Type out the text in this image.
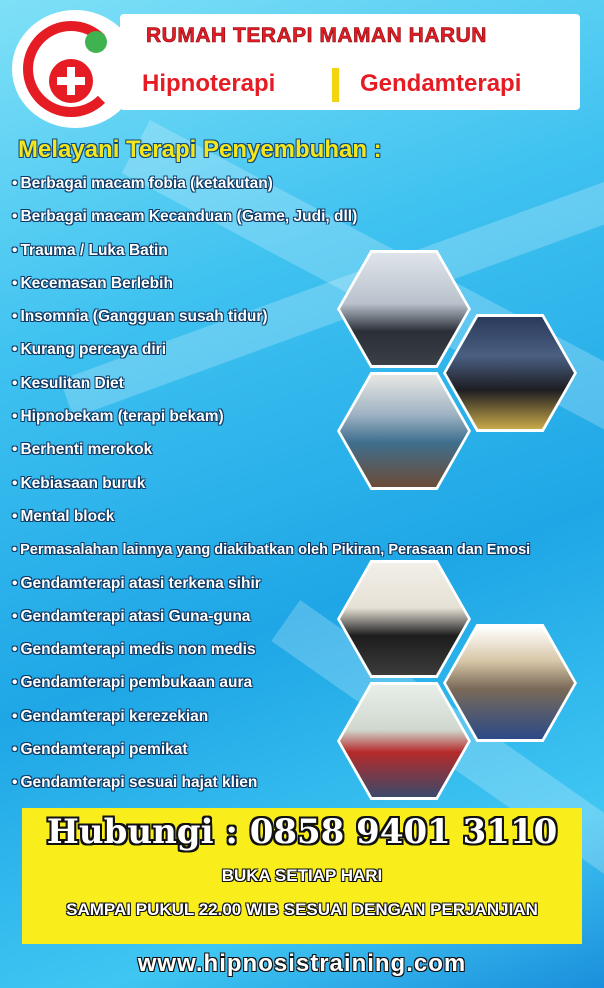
RUMAH TERAPI MAMAN HARUN
Hipnoterapi	Gendamterapi
Melayani Terapi Penyembuhan :
• Berbagai macam fobia (ketakutan)
• Berbagai macam Kecanduan (Game, Judi, dll)
• Trauma / Luka Batin
• Kecemasan Berlebih
• Insomnia (Gangguan susah tidur)
• Kurang percaya diri
• Kesulitan Diet
• Hipnobekam (terapi bekam)
• Berhenti merokok
• Kebiasaan buruk
• Mental block
• Permasalahan lainnya yang diakibatkan oleh Pikiran, Perasaan dan Emosi
• Gendamterapi atasi terkena sihir
• Gendamterapi atasi Guna-guna
• Gendamterapi medis non medis
• Gendamterapi pembukaan aura
• Gendamterapi kerezekian
• Gendamterapi pemikat
• Gendamterapi sesuai hajat klien
Hubungi : 0858 9401 3110
BUKA SETIAP HARI
SAMPAI PUKUL 22.00 WIB SESUAI DENGAN PERJANJIAN
www.hipnosistraining.com
